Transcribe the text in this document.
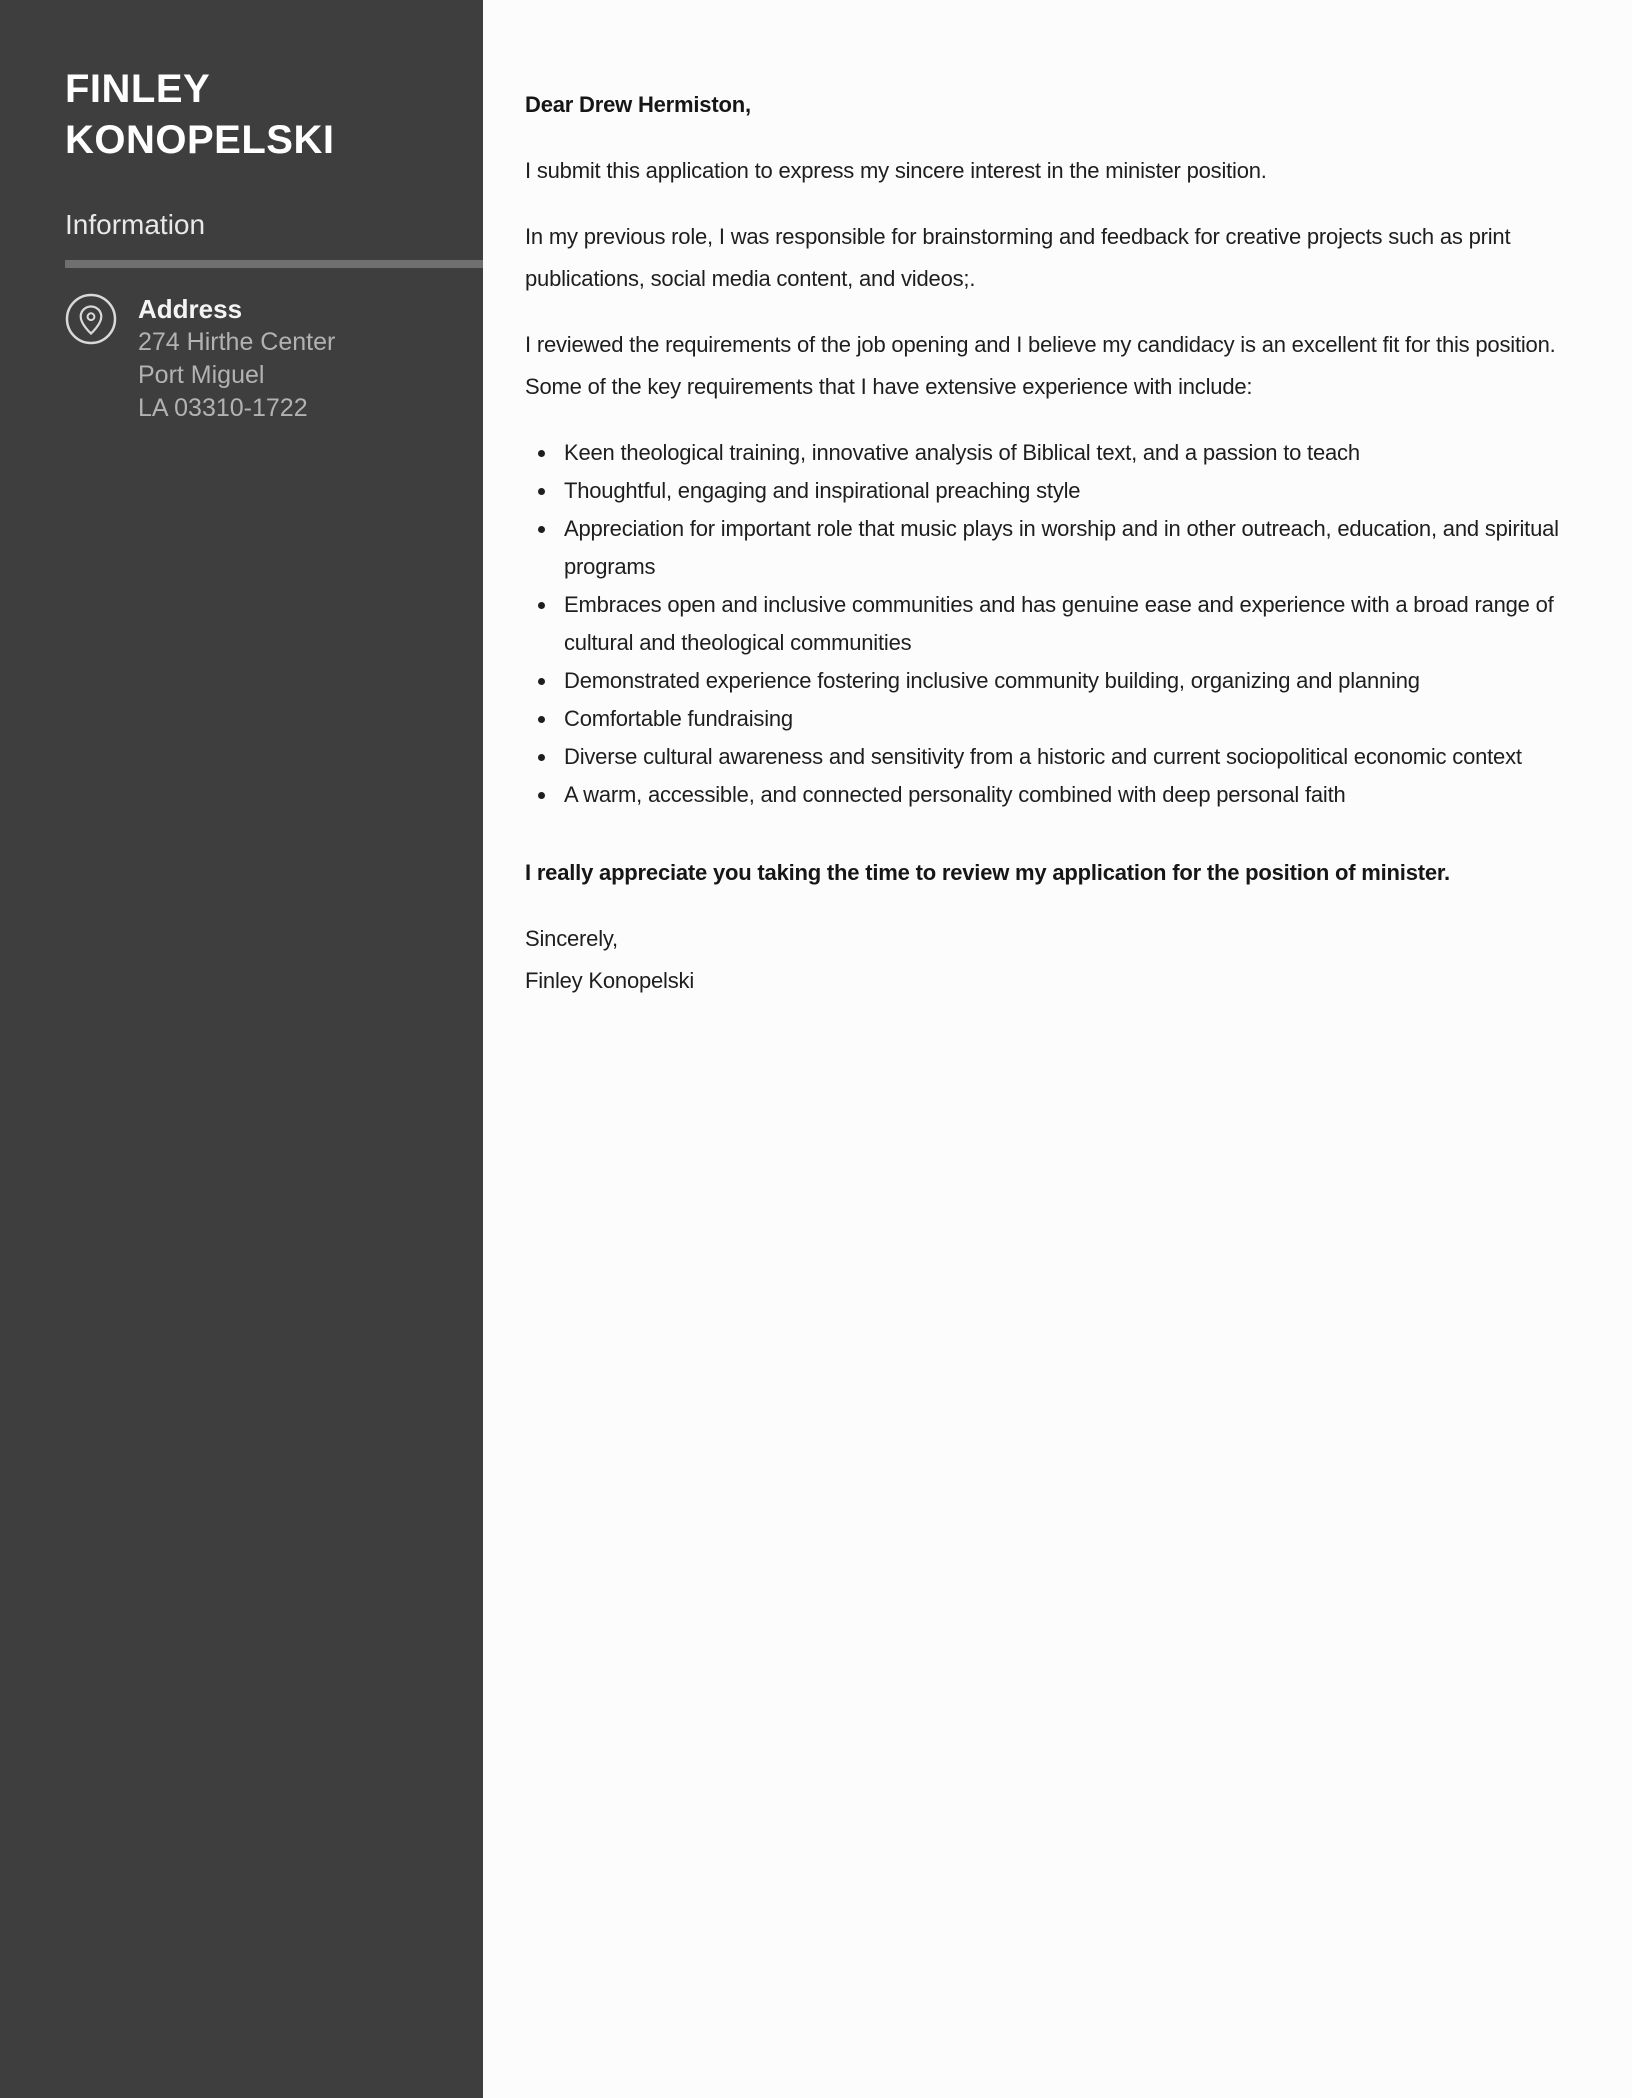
FINLEY
KONOPELSKI
Information
Address
274 Hirthe Center
Port Miguel
LA 03310-1722

Dear Drew Hermiston,

I submit this application to express my sincere interest in the minister position.

In my previous role, I was responsible for brainstorming and feedback for creative projects such as print publications, social media content, and videos;.

I reviewed the requirements of the job opening and I believe my candidacy is an excellent fit for this position. Some of the key requirements that I have extensive experience with include:

• Keen theological training, innovative analysis of Biblical text, and a passion to teach
• Thoughtful, engaging and inspirational preaching style
• Appreciation for important role that music plays in worship and in other outreach, education, and spiritual programs
• Embraces open and inclusive communities and has genuine ease and experience with a broad range of cultural and theological communities
• Demonstrated experience fostering inclusive community building, organizing and planning
• Comfortable fundraising
• Diverse cultural awareness and sensitivity from a historic and current sociopolitical economic context
• A warm, accessible, and connected personality combined with deep personal faith

I really appreciate you taking the time to review my application for the position of minister.

Sincerely,

Finley Konopelski
